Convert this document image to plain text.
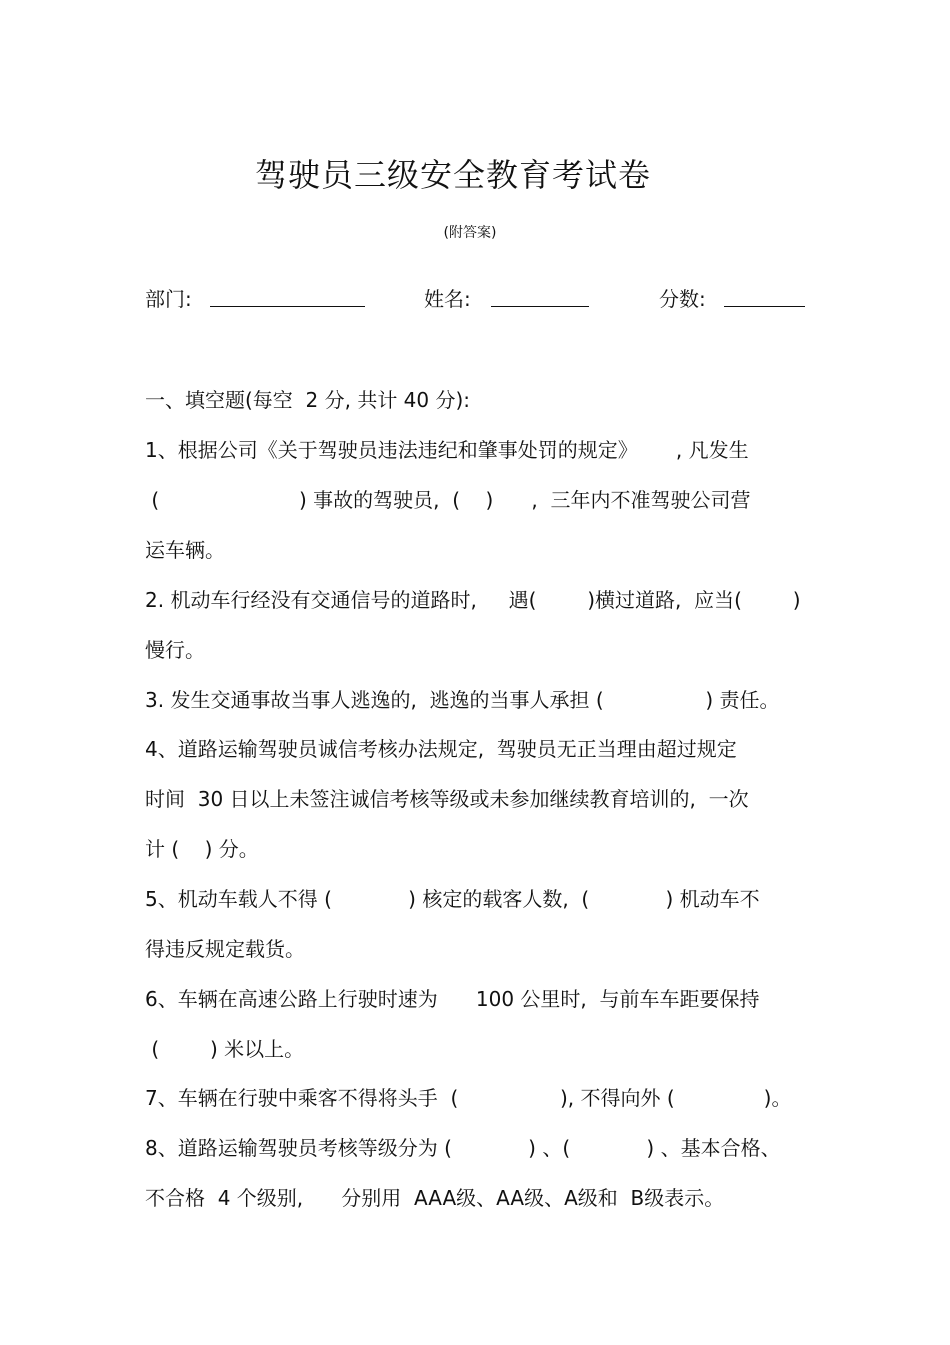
驾驶员三级安全教育考试卷
(附答案)
部门:	姓名:	分数:
一、填空题(每空  2 分, 共计 40 分):
1、根据公司《关于驾驶员违法违纪和肇事处罚的规定》      , 凡发生
(                      ) 事故的驾驶员,  (    )      ,  三年内不准驾驶公司营
运车辆。
2. 机动车行经没有交通信号的道路时,     遇(        )横过道路,  应当(        )
慢行。
3. 发生交通事故当事人逃逸的,  逃逸的当事人承担 (                ) 责任。
4、道路运输驾驶员诚信考核办法规定,  驾驶员无正当理由超过规定
时间  30 日以上未签注诚信考核等级或未参加继续教育培训的,  一次
计 (    ) 分。
5、机动车载人不得 (            ) 核定的载客人数,  (            ) 机动车不
得违反规定载货。
6、车辆在高速公路上行驶时速为      100 公里时,  与前车车距要保持
(        ) 米以上。
7、车辆在行驶中乘客不得将头手  (                ), 不得向外 (              )。
8、道路运输驾驶员考核等级分为 (            ) 、(            ) 、基本合格、
不合格  4 个级别,      分别用  AAA级、AA级、A级和  B级表示。
